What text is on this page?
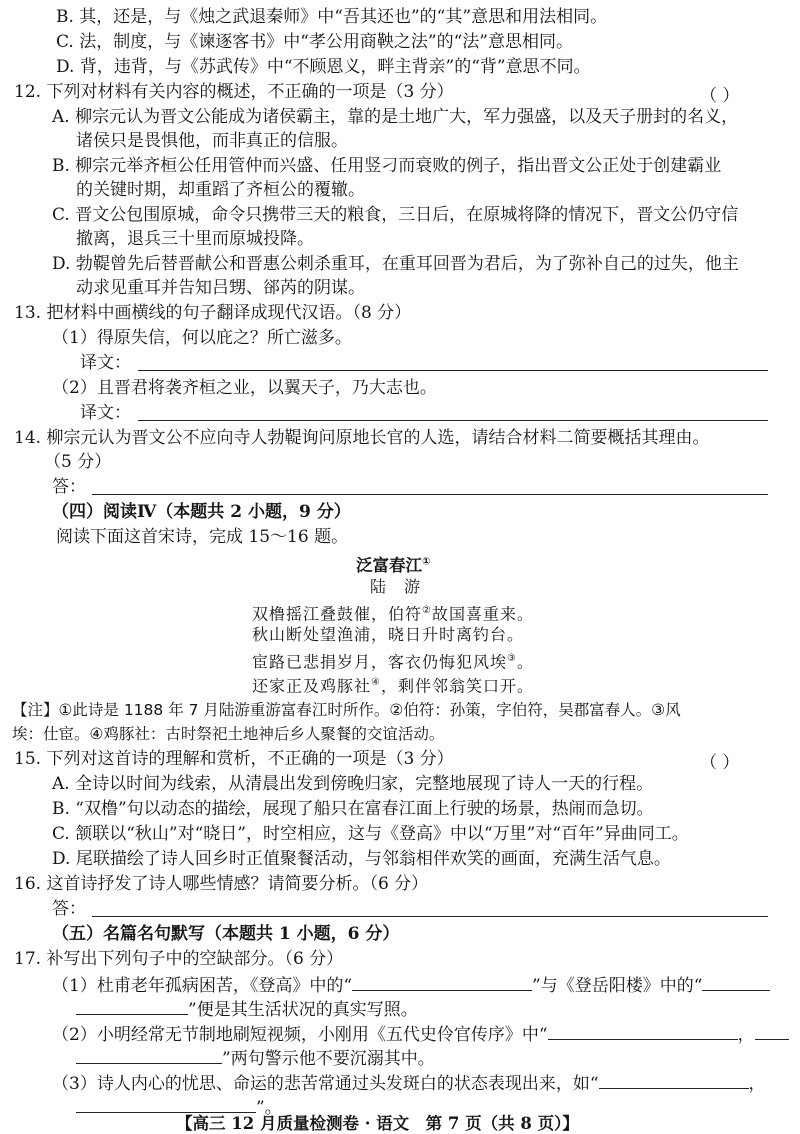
B. 其，还是，与《烛之武退秦师》中“吾其还也”的“其”意思和用法相同。
C. 法，制度，与《谏逐客书》中“孝公用商鞅之法”的“法”意思相同。
D. 背，违背，与《苏武传》中“不顾恩义，畔主背亲”的“背”意思不同。
12. 下列对材料有关内容的概述，不正确的一项是（3 分）	（ ）
A. 柳宗元认为晋文公能成为诸侯霸主，靠的是土地广大，军力强盛，以及天子册封的名义，
诸侯只是畏惧他，而非真正的信服。
B. 柳宗元举齐桓公任用管仲而兴盛、任用竖刁而衰败的例子，指出晋文公正处于创建霸业
的关键时期，却重蹈了齐桓公的覆辙。
C. 晋文公包围原城，命令只携带三天的粮食，三日后，在原城将降的情况下，晋文公仍守信
撤离，退兵三十里而原城投降。
D. 勃鞮曾先后替晋献公和晋惠公刺杀重耳，在重耳回晋为君后，为了弥补自己的过失，他主
动求见重耳并告知吕甥、郤芮的阴谋。
13. 把材料中画横线的句子翻译成现代汉语。（8 分）
（1）得原失信，何以庇之？所亡滋多。
译文：
（2）且晋君将袭齐桓之业，以翼天子，乃大志也。
译文：
14. 柳宗元认为晋文公不应向寺人勃鞮询问原地长官的人选，请结合材料二简要概括其理由。
（5 分）
答：
（四）阅读Ⅳ（本题共 2 小题，9 分）
阅读下面这首宋诗，完成 15～16 题。
泛富春江①
陆　游
双橹摇江叠鼓催，伯符②故国喜重来。
秋山断处望渔浦，晓日升时离钓台。
宦路已悲捐岁月，客衣仍悔犯风埃③。
还家正及鸡豚社④，剩伴邻翁笑口开。
【注】①此诗是 1188 年 7 月陆游重游富春江时所作。②伯符：孙策，字伯符，吴郡富春人。③风
埃：仕宦。④鸡豚社：古时祭祀土地神后乡人聚餐的交谊活动。
15. 下列对这首诗的理解和赏析，不正确的一项是（3 分）	（ ）
A. 全诗以时间为线索，从清晨出发到傍晚归家，完整地展现了诗人一天的行程。
B. “双橹”句以动态的描绘，展现了船只在富春江面上行驶的场景，热闹而急切。
C. 颔联以“秋山”对“晓日”，时空相应，这与《登高》中以“万里”对“百年”异曲同工。
D. 尾联描绘了诗人回乡时正值聚餐活动，与邻翁相伴欢笑的画面，充满生活气息。
16. 这首诗抒发了诗人哪些情感？请简要分析。（6 分）
答：
（五）名篇名句默写（本题共 1 小题，6 分）
17. 补写出下列句子中的空缺部分。（6 分）
（1）杜甫老年孤病困苦，《登高》中的“	”与《登岳阳楼》中的“
”便是其生活状况的真实写照。
（2）小明经常无节制地刷短视频，小刚用《五代史伶官传序》中“	，
”两句警示他不要沉溺其中。
（3）诗人内心的忧思、命运的悲苦常通过头发斑白的状态表现出来，如“	，
”。
【高三 12 月质量检测卷 · 语文　第 7 页（共 8 页）】
